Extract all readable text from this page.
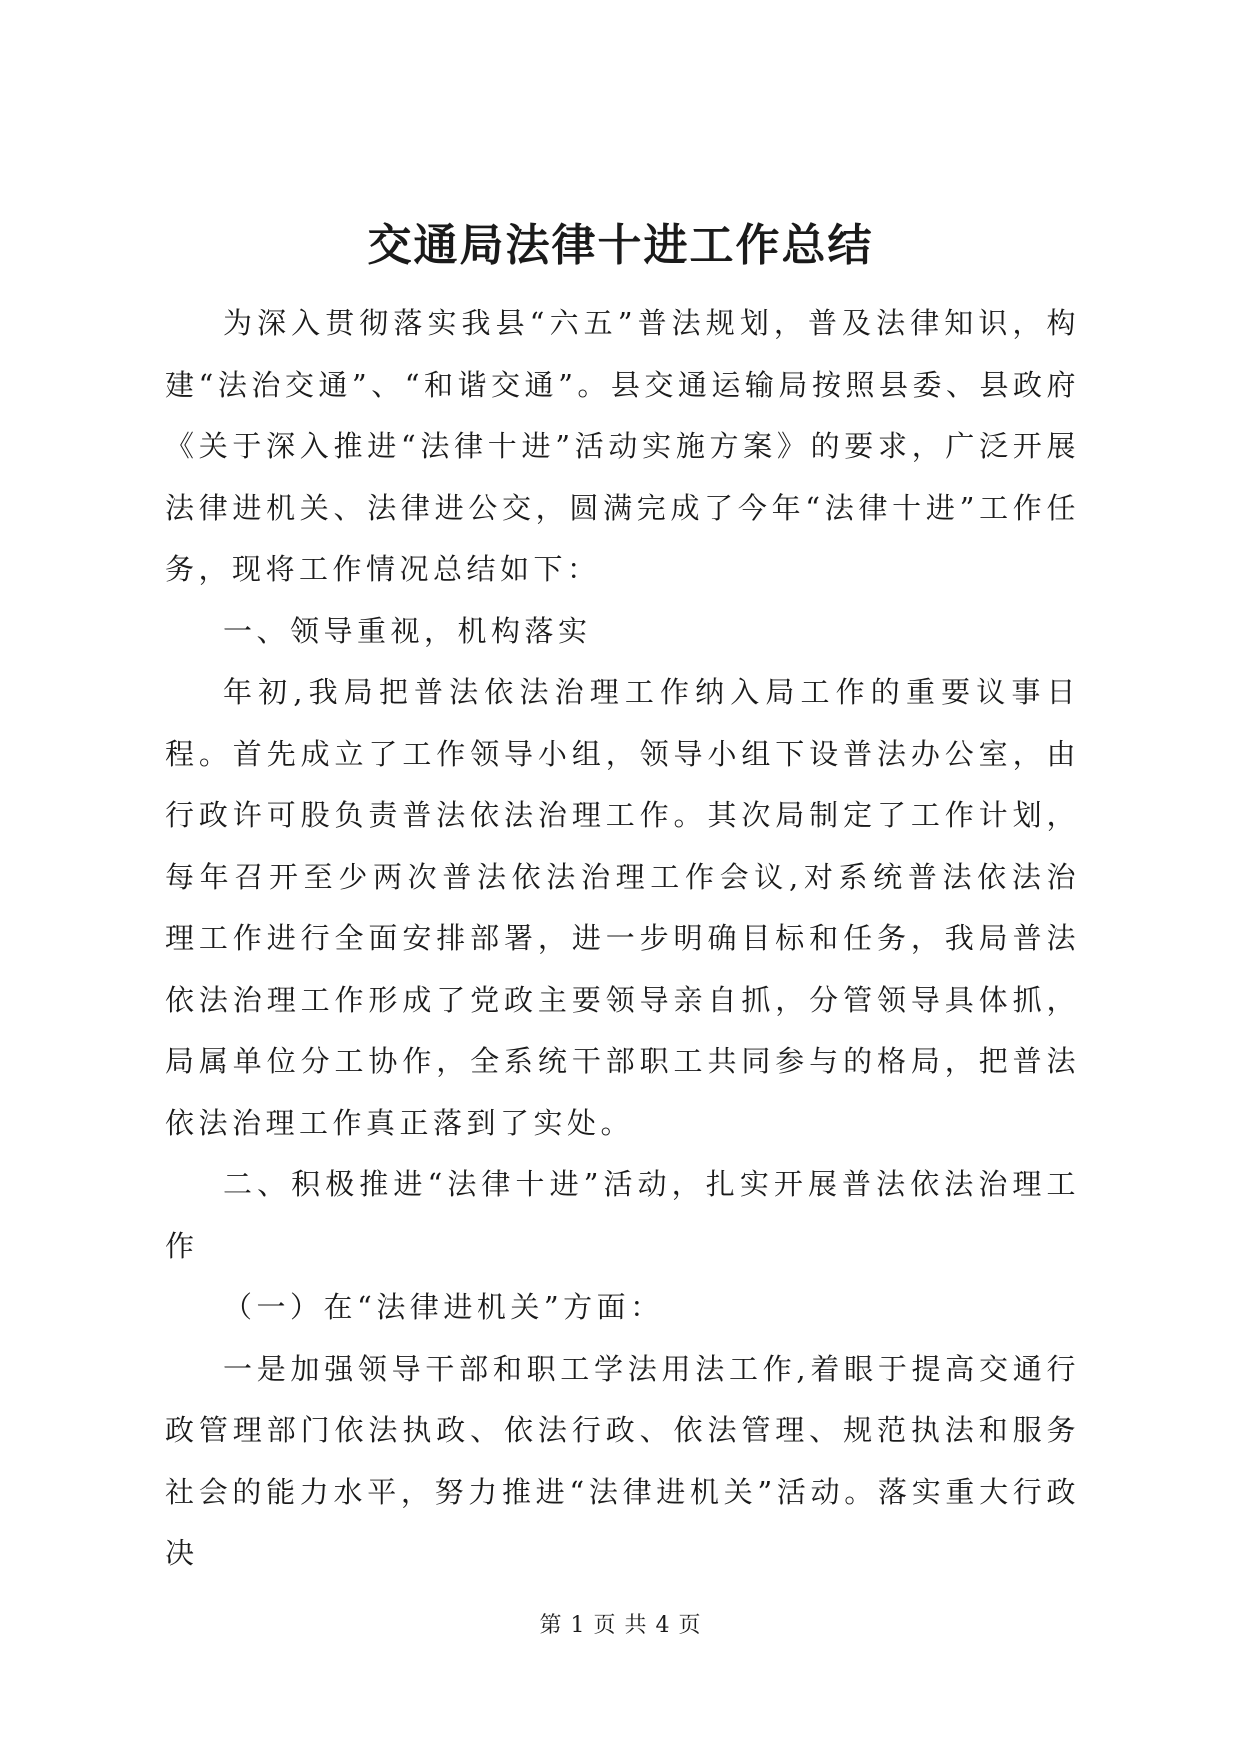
交通局法律十进工作总结

为深入贯彻落实我县“六五”普法规划，普及法律知识，构建“法治交通”、“和谐交通”。县交通运输局按照县委、县政府《关于深入推进“法律十进”活动实施方案》的要求，广泛开展法律进机关、法律进公交，圆满完成了今年“法律十进”工作任务，现将工作情况总结如下：

一、领导重视，机构落实

年初,我局把普法依法治理工作纳入局工作的重要议事日程。首先成立了工作领导小组，领导小组下设普法办公室，由行政许可股负责普法依法治理工作。其次局制定了工作计划，每年召开至少两次普法依法治理工作会议,对系统普法依法治理工作进行全面安排部署，进一步明确目标和任务，我局普法依法治理工作形成了党政主要领导亲自抓，分管领导具体抓，局属单位分工协作，全系统干部职工共同参与的格局，把普法依法治理工作真正落到了实处。

二、积极推进“法律十进”活动，扎实开展普法依法治理工作

（一）在“法律进机关”方面：

一是加强领导干部和职工学法用法工作,着眼于提高交通行政管理部门依法执政、依法行政、依法管理、规范执法和服务社会的能力水平，努力推进“法律进机关”活动。落实重大行政决

第 1 页 共 4 页
